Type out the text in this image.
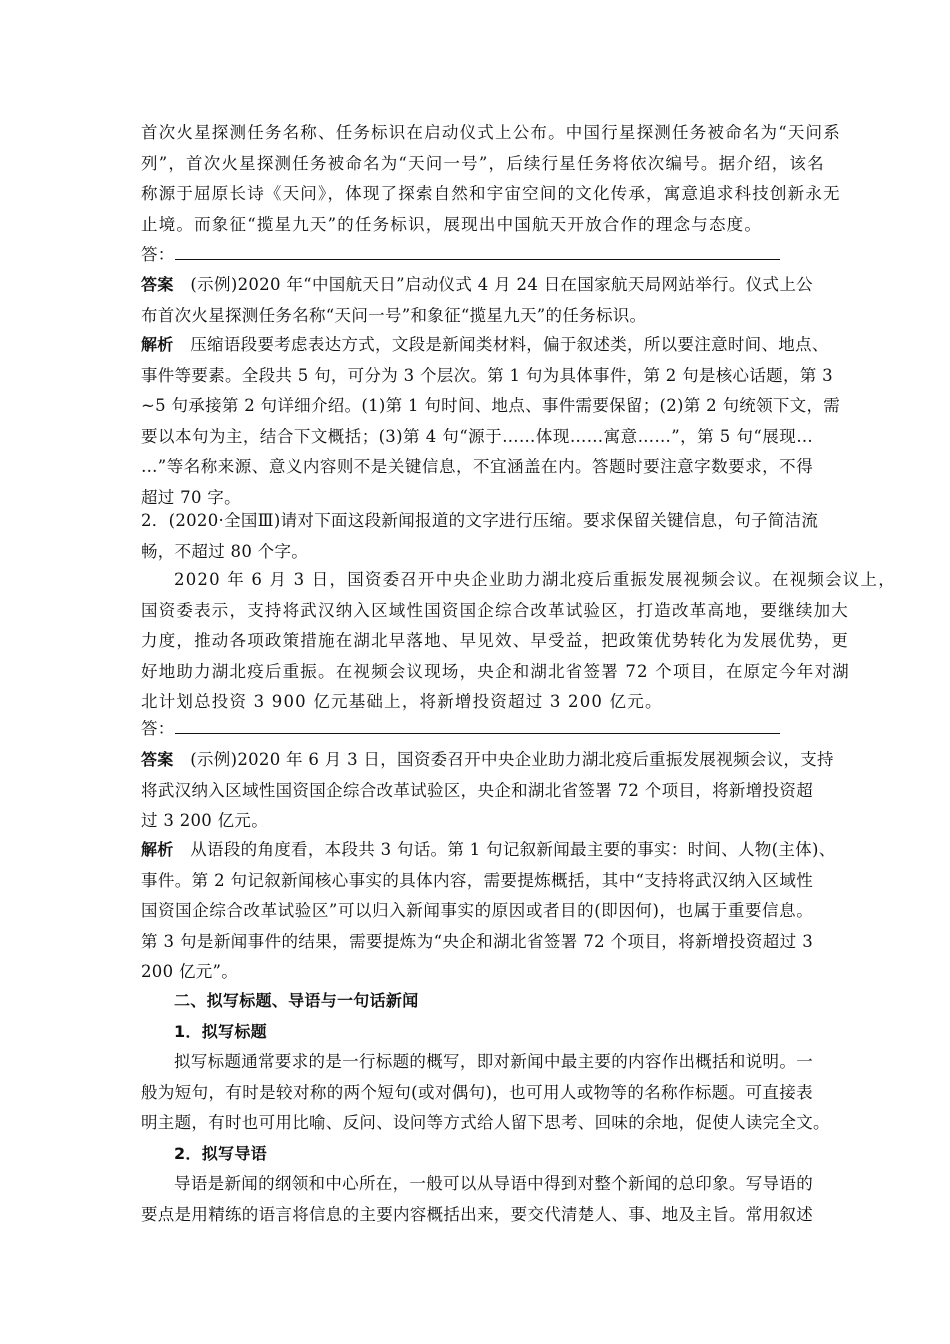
首次火星探测任务名称、任务标识在启动仪式上公布。中国行星探测任务被命名为“天问系
列”，首次火星探测任务被命名为“天问一号”，后续行星任务将依次编号。据介绍，该名
称源于屈原长诗《天问》，体现了探索自然和宇宙空间的文化传承，寓意追求科技创新永无
止境。而象征“揽星九天”的任务标识，展现出中国航天开放合作的理念与态度。
答：
答案 (示例)2020 年“中国航天日”启动仪式 4 月 24 日在国家航天局网站举行。仪式上公
布首次火星探测任务名称“天问一号”和象征“揽星九天”的任务标识。
解析 压缩语段要考虑表达方式，文段是新闻类材料，偏于叙述类，所以要注意时间、地点、
事件等要素。全段共 5 句，可分为 3 个层次。第 1 句为具体事件，第 2 句是核心话题，第 3
~5 句承接第 2 句详细介绍。(1)第 1 句时间、地点、事件需要保留；(2)第 2 句统领下文，需
要以本句为主，结合下文概括；(3)第 4 句“源于……体现……寓意……”，第 5 句“展现…
…”等名称来源、意义内容则不是关键信息，不宜涵盖在内。答题时要注意字数要求，不得
超过 70 字。
2．(2020·全国Ⅲ)请对下面这段新闻报道的文字进行压缩。要求保留关键信息，句子简洁流
畅，不超过 80 个字。
2020 年 6 月 3 日，国资委召开中央企业助力湖北疫后重振发展视频会议。在视频会议上，
国资委表示，支持将武汉纳入区域性国资国企综合改革试验区，打造改革高地，要继续加大
力度，推动各项政策措施在湖北早落地、早见效、早受益，把政策优势转化为发展优势，更
好地助力湖北疫后重振。在视频会议现场，央企和湖北省签署 72 个项目，在原定今年对湖
北计划总投资 3 900 亿元基础上，将新增投资超过 3 200 亿元。
答：
答案 (示例)2020 年 6 月 3 日，国资委召开中央企业助力湖北疫后重振发展视频会议，支持
将武汉纳入区域性国资国企综合改革试验区，央企和湖北省签署 72 个项目，将新增投资超
过 3 200 亿元。
解析 从语段的角度看，本段共 3 句话。第 1 句记叙新闻最主要的事实：时间、人物(主体)、
事件。第 2 句记叙新闻核心事实的具体内容，需要提炼概括，其中“支持将武汉纳入区域性
国资国企综合改革试验区”可以归入新闻事实的原因或者目的(即因何)，也属于重要信息。
第 3 句是新闻事件的结果，需要提炼为“央企和湖北省签署 72 个项目，将新增投资超过 3
200 亿元”。
二、拟写标题、导语与一句话新闻
1．拟写标题
拟写标题通常要求的是一行标题的概写，即对新闻中最主要的内容作出概括和说明。一
般为短句，有时是较对称的两个短句(或对偶句)，也可用人或物等的名称作标题。可直接表
明主题，有时也可用比喻、反问、设问等方式给人留下思考、回味的余地，促使人读完全文。
2．拟写导语
导语是新闻的纲领和中心所在，一般可以从导语中得到对整个新闻的总印象。写导语的
要点是用精练的语言将信息的主要内容概括出来，要交代清楚人、事、地及主旨。常用叙述
